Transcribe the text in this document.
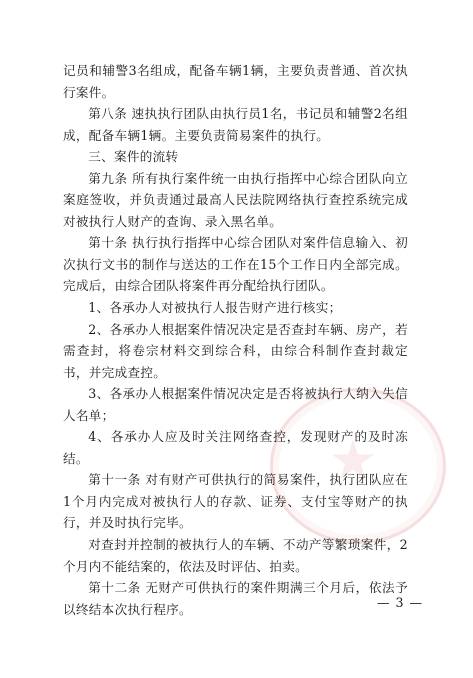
记员和辅警3名组成，配备车辆1辆，主要负责普通、首次执行案件。

第八条 速执执行团队由执行员1名，书记员和辅警2名组成，配备车辆1辆。主要负责简易案件的执行。

三、案件的流转

第九条 所有执行案件统一由执行指挥中心综合团队向立案庭签收，并负责通过最高人民法院网络执行查控系统完成对被执行人财产的查询、录入黑名单。

第十条 执行执行指挥中心综合团队对案件信息输入、初次执行文书的制作与送达的工作在15个工作日内全部完成。完成后，由综合团队将案件再分配给执行团队。

1、各承办人对被执行人报告财产进行核实；

2、各承办人根据案件情况决定是否查封车辆、房产，若需查封，将卷宗材料交到综合科，由综合科制作查封裁定书，并完成查控。

3、各承办人根据案件情况决定是否将被执行人纳入失信人名单；

4、各承办人应及时关注网络查控，发现财产的及时冻结。

第十一条 对有财产可供执行的简易案件，执行团队应在1个月内完成对被执行人的存款、证券、支付宝等财产的执行，并及时执行完毕。

对查封并控制的被执行人的车辆、不动产等繁琐案件，2个月内不能结案的，依法及时评估、拍卖。

第十二条 无财产可供执行的案件期满三个月后，依法予以终结本次执行程序。	— 3 —
